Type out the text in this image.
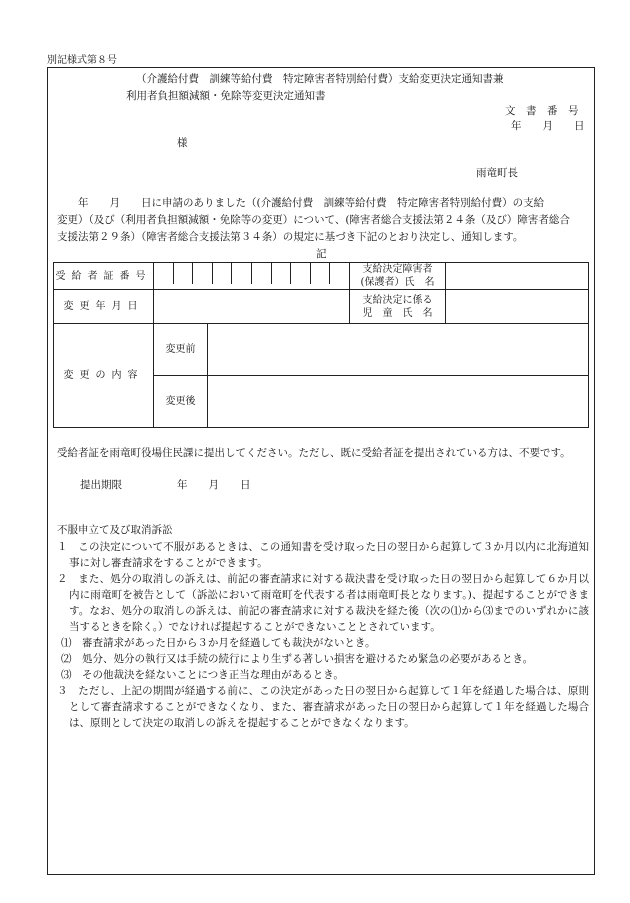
別記様式第８号
（介護給付費　訓練等給付費　特定障害者特別給付費）支給変更決定通知書兼
利用者負担額減額・免除等変更決定通知書
文　書　番　号
年　　月　　日
様
雨竜町長
　　年　　月　　日に申請のありました（(介護給付費　訓練等給付費　特定障害者特別給付費）の支給
変更）（及び（利用者負担額減額・免除等の変更）について、(障害者総合支援法第２４条（及び）障害者総合
支援法第２９条）（障害者総合支援法第３４条）の規定に基づき下記のとおり決定し、通知します。
記
受給者証番号			支給決定障害者
(保護者）氏　名	

変更年月日			支給決定に係る
児　童　氏　名	

変更の内容	変更前			
	変更後			
受給者証を雨竜町役場住民課に提出してください。ただし、既に受給者証を提出されている方は、不要です。
提出期限	年　　月　　日
不服申立て及び取消訴訟
１　この決定について不服があるときは、この通知書を受け取った日の翌日から起算して３か月以内に北海道知事に対し審査請求をすることができます。
２　また、処分の取消しの訴えは、前記の審査請求に対する裁決書を受け取った日の翌日から起算して６か月以内に雨竜町を被告として（訴訟において雨竜町を代表する者は雨竜町長となります。)、提起することができます。なお、処分の取消しの訴えは、前記の審査請求に対する裁決を経た後（次の⑴から⑶までのいずれかに該当するときを除く。）でなければ提起することができないこととされています。
⑴　審査請求があった日から３か月を経過しても裁決がないとき。
⑵　処分、処分の執行又は手続の続行により生ずる著しい損害を避けるため緊急の必要があるとき。
⑶　その他裁決を経ないことにつき正当な理由があるとき。
３　ただし、上記の期間が経過する前に、この決定があった日の翌日から起算して１年を経過した場合は、原則として審査請求することができなくなり、また、審査請求があった日の翌日から起算して１年を経過した場合は、原則として決定の取消しの訴えを提起することができなくなります。
